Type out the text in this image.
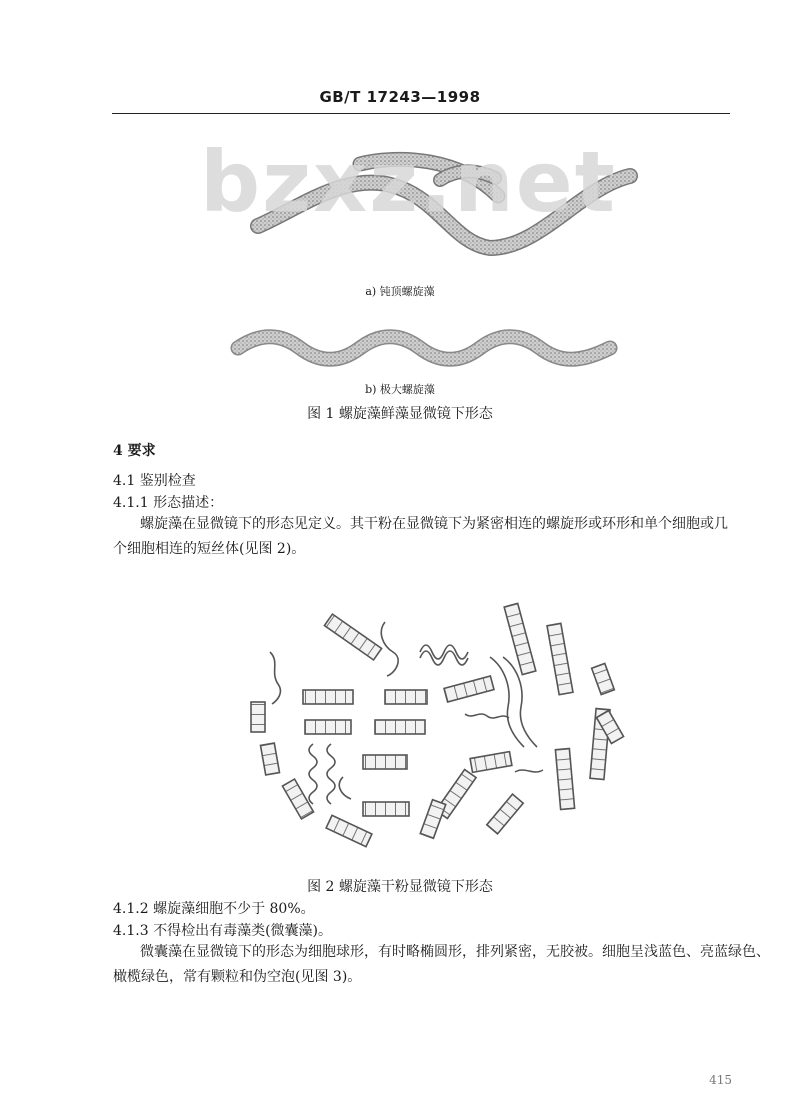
GB/T 17243—1998
bzxz.net
a) 钝顶螺旋藻
b) 极大螺旋藻
图 1 螺旋藻鲜藻显微镜下形态
4 要求
4.1 鉴别检查
4.1.1 形态描述：
螺旋藻在显微镜下的形态见定义。其干粉在显微镜下为紧密相连的螺旋形或环形和单个细胞或几
个细胞相连的短丝体(见图 2)。
图 2 螺旋藻干粉显微镜下形态
4.1.2 螺旋藻细胞不少于 80%。
4.1.3 不得检出有毒藻类(微囊藻)。
微囊藻在显微镜下的形态为细胞球形，有时略椭圆形，排列紧密，无胶被。细胞呈浅蓝色、亮蓝绿色、
橄榄绿色，常有颗粒和伪空泡(见图 3)。
415
